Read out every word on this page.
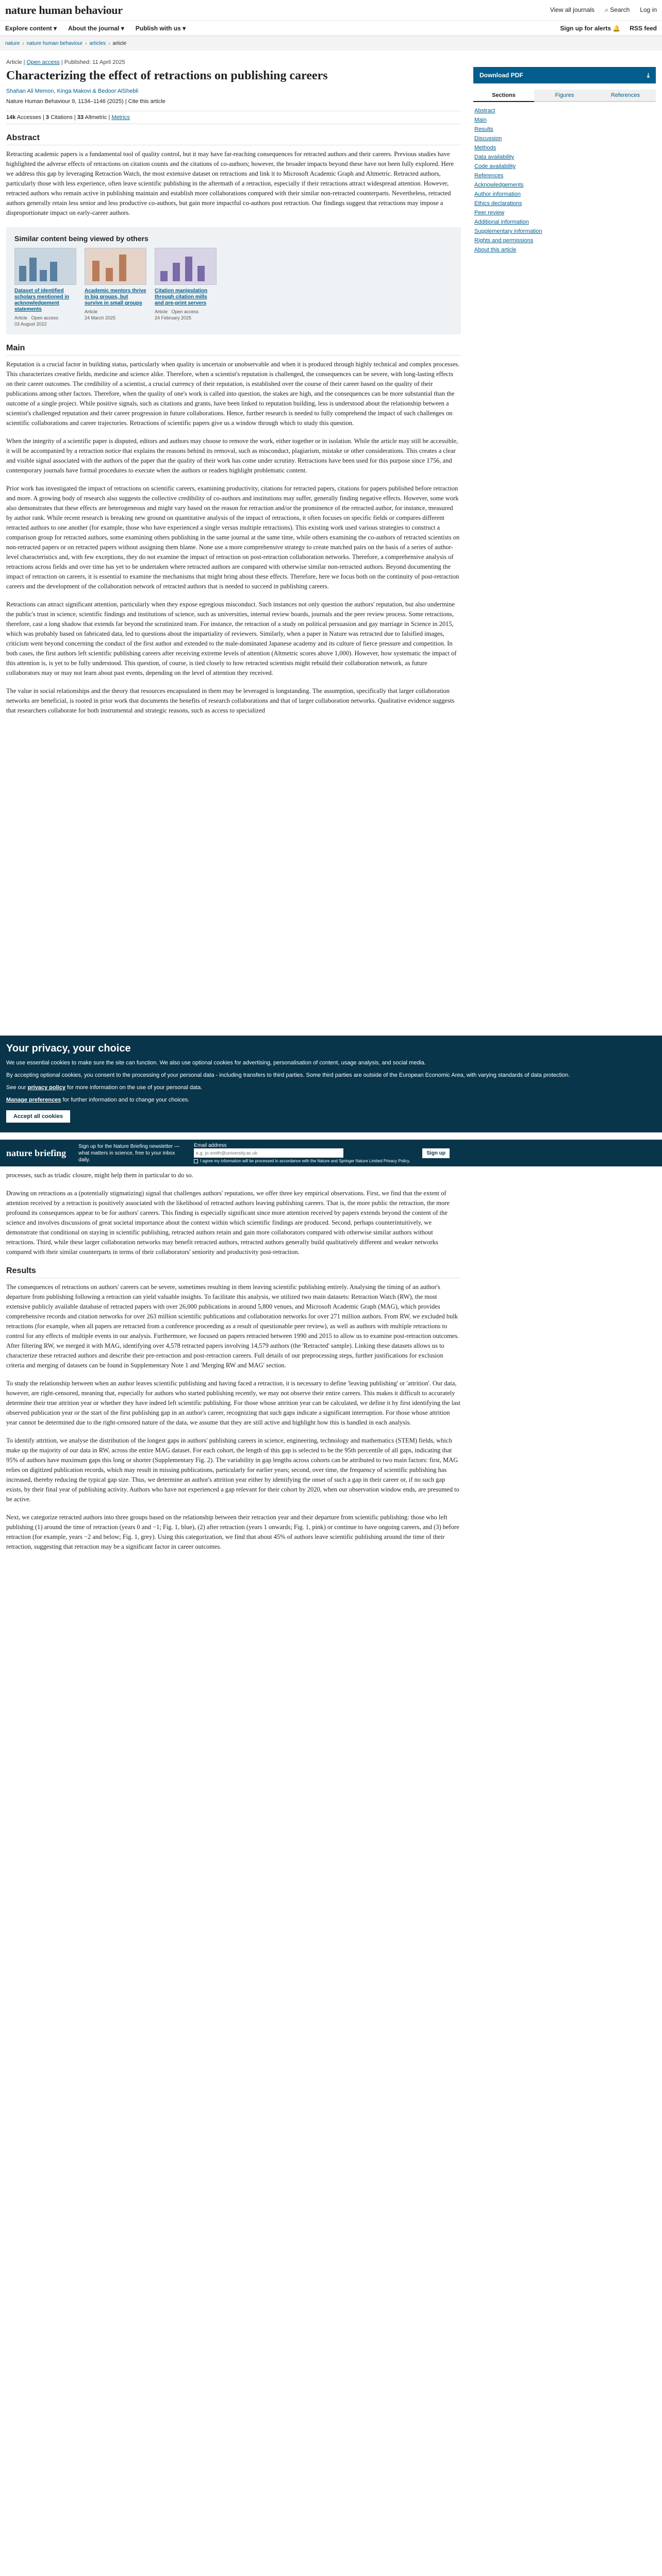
nature human behaviour	View all journals ⌕ Search Log in
Explore content ▾ About the journal ▾ Publish with us ▾	Sign up for alerts 🔔 RSS feed
nature › nature human behaviour › articles › article
Article | Open access | Published: 11 April 2025
Characterizing the effect of retractions on publishing careers
Shahan Ali Memon, Kinga Makovi & Bedoor AlShebli
Nature Human Behaviour 9, 1134–1146 (2025) | Cite this article
14k Accesses | 3 Citations | 33 Altmetric | Metrics
Abstract

Retracting academic papers is a fundamental tool of quality control, but it may have far-reaching consequences for retracted authors and their careers. Previous studies have highlighted the adverse effects of retractions on citation counts and the citations of co-authors; however, the broader impacts beyond these have not been fully explored. Here we address this gap by leveraging Retraction Watch, the most extensive dataset on retractions and link it to Microsoft Academic Graph and Altmetric. Retracted authors, particularly those with less experience, often leave scientific publishing in the aftermath of a retraction, especially if their retractions attract widespread attention. However, retracted authors who remain active in publishing maintain and establish more collaborations compared with their similar non-retracted counterparts. Nevertheless, retracted authors generally retain less senior and less productive co-authors, but gain more impactful co-authors post retraction. Our findings suggest that retractions may impose a disproportionate impact on early-career authors.

Similar content being viewed by others
Dataset of identified scholars mentioned in acknowledgement statements
Article Open access
03 August 2022
Academic mentors thrive in big groups, but survive in small groups
Article
24 March 2025
Citation manipulation through citation mills and pre-print servers
Article Open access
24 February 2025
Main

Reputation is a crucial factor in building status, particularly when quality is uncertain or unobservable and when it is produced through highly technical and complex processes. This characterizes creative fields, medicine and science alike. Therefore, when a scientist's reputation is challenged, the consequences can be severe, with long-lasting effects on their career outcomes. The credibility of a scientist, a crucial currency of their reputation, is established over the course of their career based on the quality of their publications among other factors. Therefore, when the quality of one's work is called into question, the stakes are high, and the consequences can be more substantial than the outcome of a single project. While positive signals, such as citations and grants, have been linked to reputation building, less is understood about the relationship between a scientist's challenged reputation and their career progression in future collaborations. Hence, further research is needed to fully comprehend the impact of such challenges on scientific collaborations and career trajectories. Retractions of scientific papers give us a window through which to study this question.

When the integrity of a scientific paper is disputed, editors and authors may choose to remove the work, either together or in isolation. While the article may still be accessible, it will be accompanied by a retraction notice that explains the reasons behind its removal, such as misconduct, plagiarism, mistake or other considerations. This creates a clear and visible signal associated with the authors of the paper that the quality of their work has come under scrutiny. Retractions have been used for this purpose since 1756, and contemporary journals have formal procedures to execute when the authors or readers highlight problematic content.

Prior work has investigated the impact of retractions on scientific careers, examining productivity, citations for retracted papers, citations for papers published before retraction and more. A growing body of research also suggests the collective credibility of co-authors and institutions may suffer, generally finding negative effects. However, some work also demonstrates that these effects are heterogeneous and might vary based on the reason for retraction and/or the prominence of the retracted author, for instance, measured by author rank. While recent research is breaking new ground on quantitative analysis of the impact of retractions, it often focuses on specific fields or compares different retracted authors to one another (for example, those who have experienced a single versus multiple retractions). This existing work used various strategies to construct a comparison group for retracted authors, some examining others publishing in the same journal at the same time, while others examining the co-authors of retracted scientists on non-retracted papers or on retracted papers without assigning them blame. None use a more comprehensive strategy to create matched pairs on the basis of a series of author-level characteristics and, with few exceptions, they do not examine the impact of retraction on post-retraction collaboration networks. Therefore, a comprehensive analysis of retractions across fields and over time has yet to be undertaken where retracted authors are compared with otherwise similar non-retracted authors. Beyond documenting the impact of retraction on careers, it is essential to examine the mechanisms that might bring about these effects. Therefore, here we focus both on the continuity of post-retraction careers and the development of the collaboration network of retracted authors that is needed to succeed in publishing careers.

Retractions can attract significant attention, particularly when they expose egregious misconduct. Such instances not only question the authors' reputation, but also undermine the public's trust in science, scientific findings and institutions of science, such as universities, internal review boards, journals and the peer review process. Some retractions, therefore, cast a long shadow that extends far beyond the scrutinized team. For instance, the retraction of a study on political persuasion and gay marriage in Science in 2015, which was probably based on fabricated data, led to questions about the impartiality of reviewers. Similarly, when a paper in Nature was retracted due to falsified images, criticism went beyond concerning the conduct of the first author and extended to the male-dominated Japanese academy and its culture of fierce pressure and competition. In both cases, the first authors left scientific publishing careers after receiving extreme levels of attention (Altmetric scores above 1,000). However, how systematic the impact of this attention is, is yet to be fully understood. This question, of course, is tied closely to how retracted scientists might rebuild their collaboration network, as future collaborators may or may not learn about past events, depending on the level of attention they received.

The value in social relationships and the theory that resources encapsulated in them may be leveraged is longstanding. The assumption, specifically that larger collaboration networks are beneficial, is rooted in prior work that documents the benefits of research collaborations and that of larger collaboration networks. Qualitative evidence suggests that researchers collaborate for both instrumental and strategic reasons, such as access to specialized

Download PDF	⤓
Sections	Figures	References
Abstract
Main
Results
Discussion
Methods
Data availability
Code availability
References
Acknowledgements
Author information
Ethics declarations
Peer review
Additional information
Supplementary information
Rights and permissions
About this article
Your privacy, your choice

We use essential cookies to make sure the site can function. We also use optional cookies for advertising, personalisation of content, usage analysis, and social media.

By accepting optional cookies, you consent to the processing of your personal data - including transfers to third parties. Some third parties are outside of the European Economic Area, with varying standards of data protection.

See our privacy policy for more information on the use of your personal data.

Manage preferences for further information and to change your choices.

Accept all cookies
nature briefing
Sign up for the Nature Briefing newsletter — what matters in science, free to your inbox daily.
Email address
e.g. jo.smith@university.ac.uk
I agree my information will be processed in accordance with the Nature and Springer Nature Limited Privacy Policy.
Sign up

processes, such as triadic closure, might help them in particular to do so.

Drawing on retractions as a (potentially stigmatizing) signal that challenges authors' reputations, we offer three key empirical observations. First, we find that the extent of attention received by a retraction is positively associated with the likelihood of retracted authors leaving publishing careers. That is, the more public the retraction, the more profound its consequences appear to be for authors' careers. This finding is especially significant since more attention received by papers extends beyond the content of the science and involves discussions of great societal importance about the context within which scientific findings are produced. Second, perhaps counterintuitively, we demonstrate that conditional on staying in scientific publishing, retracted authors retain and gain more collaborators compared with otherwise similar authors without retractions. Third, while these larger collaboration networks may benefit retracted authors, retracted authors generally build qualitatively different and weaker networks compared with their similar counterparts in terms of their collaborators' seniority and productivity post-retraction.

Results

The consequences of retractions on authors' careers can be severe, sometimes resulting in them leaving scientific publishing entirely. Analysing the timing of an author's departure from publishing following a retraction can yield valuable insights. To facilitate this analysis, we utilized two main datasets: Retraction Watch (RW), the most extensive publicly available database of retracted papers with over 26,000 publications in around 5,800 venues, and Microsoft Academic Graph (MAG), which provides comprehensive records and citation networks for over 263 million scientific publications and collaboration networks for over 271 million authors. From RW, we excluded bulk retractions (for example, when all papers are retracted from a conference proceeding as a result of questionable peer review), as well as authors with multiple retractions to control for any effects of multiple events in our analysis. Furthermore, we focused on papers retracted between 1990 and 2015 to allow us to examine post-retraction outcomes. After filtering RW, we merged it with MAG, identifying over 4,578 retracted papers involving 14,579 authors (the 'Retracted' sample). Linking these datasets allows us to characterize these retracted authors and describe their pre-retraction and post-retraction careers. Full details of our preprocessing steps, further justifications for exclusion criteria and merging of datasets can be found in Supplementary Note 1 and 'Merging RW and MAG' section.

To study the relationship between when an author leaves scientific publishing and having faced a retraction, it is necessary to define 'leaving publishing' or 'attrition'. Our data, however, are right-censored, meaning that, especially for authors who started publishing recently, we may not observe their entire careers. This makes it difficult to accurately determine their true attrition year or whether they have indeed left scientific publishing. For those whose attrition year can be calculated, we define it by first identifying the last observed publication year or the start of the first publishing gap in an author's career, recognizing that such gaps indicate a significant interruption. For those whose attrition year cannot be determined due to the right-censored nature of the data, we assume that they are still active and highlight how this is handled in each analysis.

To identify attrition, we analyse the distribution of the longest gaps in authors' publishing careers in science, engineering, technology and mathematics (STEM) fields, which make up the majority of our data in RW, across the entire MAG dataset. For each cohort, the length of this gap is selected to be the 95th percentile of all gaps, indicating that 95% of authors have maximum gaps this long or shorter (Supplementary Fig. 2). The variability in gap lengths across cohorts can be attributed to two main factors: first, MAG relies on digitized publication records, which may result in missing publications, particularly for earlier years; second, over time, the frequency of scientific publishing has increased, thereby reducing the typical gap size. Thus, we determine an author's attrition year either by identifying the onset of such a gap in their career or, if no such gap exists, by their final year of publishing activity. Authors who have not experienced a gap relevant for their cohort by 2020, when our observation window ends, are presumed to be active.

Next, we categorize retracted authors into three groups based on the relationship between their retraction year and their departure from scientific publishing: those who left publishing (1) around the time of retraction (years 0 and −1; Fig. 1, blue), (2) after retraction (years 1 onwards; Fig. 1, pink) or continue to have ongoing careers, and (3) before retraction (for example, years −2 and below; Fig. 1, grey). Using this categorization, we find that about 45% of authors leave scientific publishing around the time of their retraction, suggesting that retraction may be a significant factor in career outcomes.
